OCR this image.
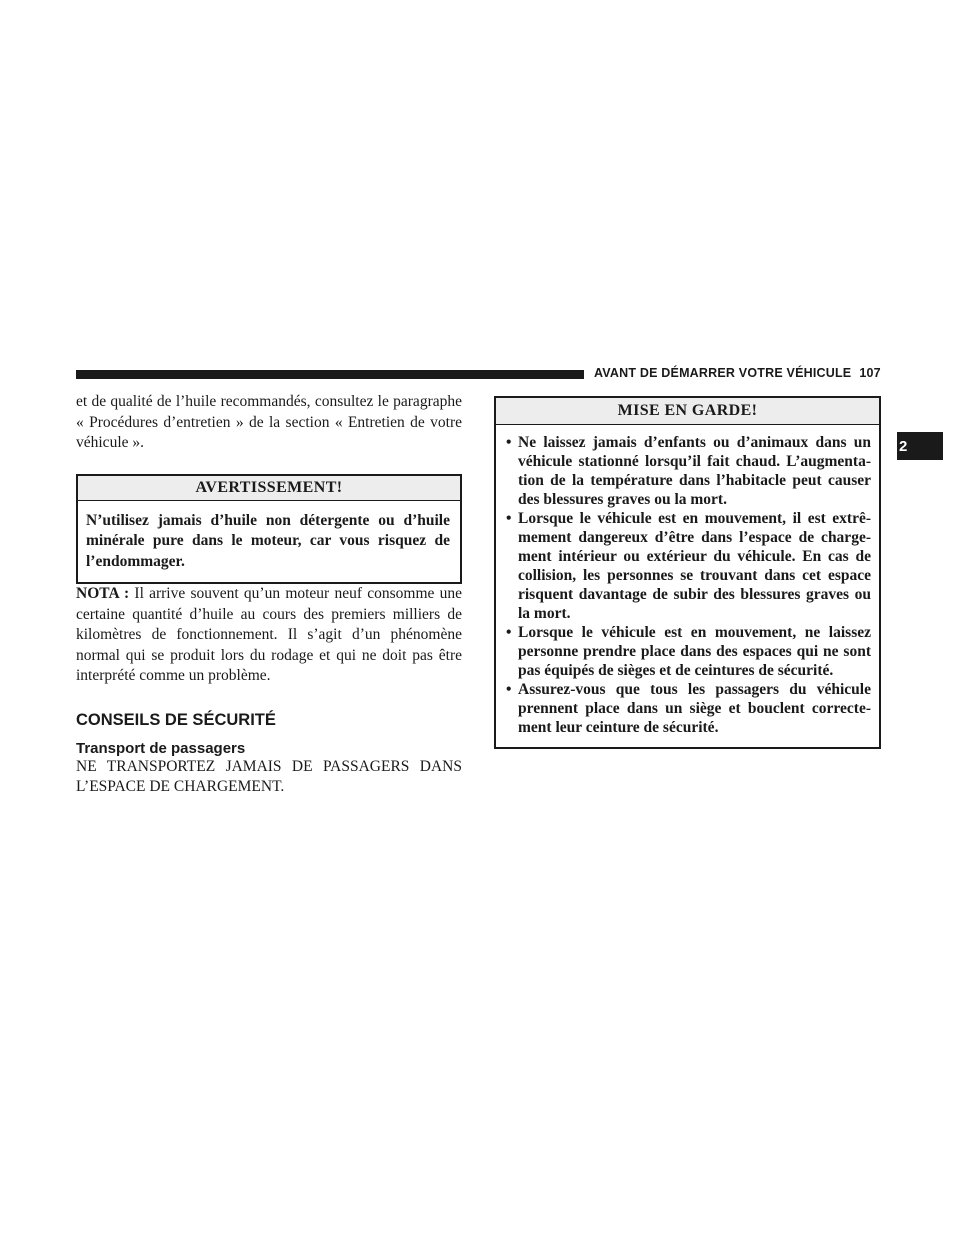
AVANT DE DÉMARRER VOTRE VÉHICULE 107
2

et de qualité de l’huile recommandés, consultez le paragraphe « Procédures d’entretien » de la section « Entretien de votre véhicule ».

AVERTISSEMENT!
N’utilisez jamais d’huile non détergente ou d’huile minérale pure dans le moteur, car vous risquez de l’endommager.

NOTA : Il arrive souvent qu’un moteur neuf consomme une certaine quantité d’huile au cours des premiers milliers de kilomètres de fonctionnement. Il s’agit d’un phénomène normal qui se produit lors du rodage et qui ne doit pas être interprété comme un problème.

CONSEILS DE SÉCURITÉ
Transport de passagers

NE TRANSPORTEZ JAMAIS DE PASSAGERS DANS L’ESPACE DE CHARGEMENT.

MISE EN GARDE!
• Ne laissez jamais d’enfants ou d’animaux dans un véhicule stationné lorsqu’il fait chaud. L’augmentation de la température dans l’habitacle peut causer des blessures graves ou la mort.
• Lorsque le véhicule est en mouvement, il est extrêmement dangereux d’être dans l’espace de chargement intérieur ou extérieur du véhicule. En cas de collision, les personnes se trouvant dans cet espace risquent davantage de subir des blessures graves ou la mort.
• Lorsque le véhicule est en mouvement, ne laissez personne prendre place dans des espaces qui ne sont pas équipés de sièges et de ceintures de sécurité.
• Assurez-vous que tous les passagers du véhicule prennent place dans un siège et bouclent correctement leur ceinture de sécurité.
